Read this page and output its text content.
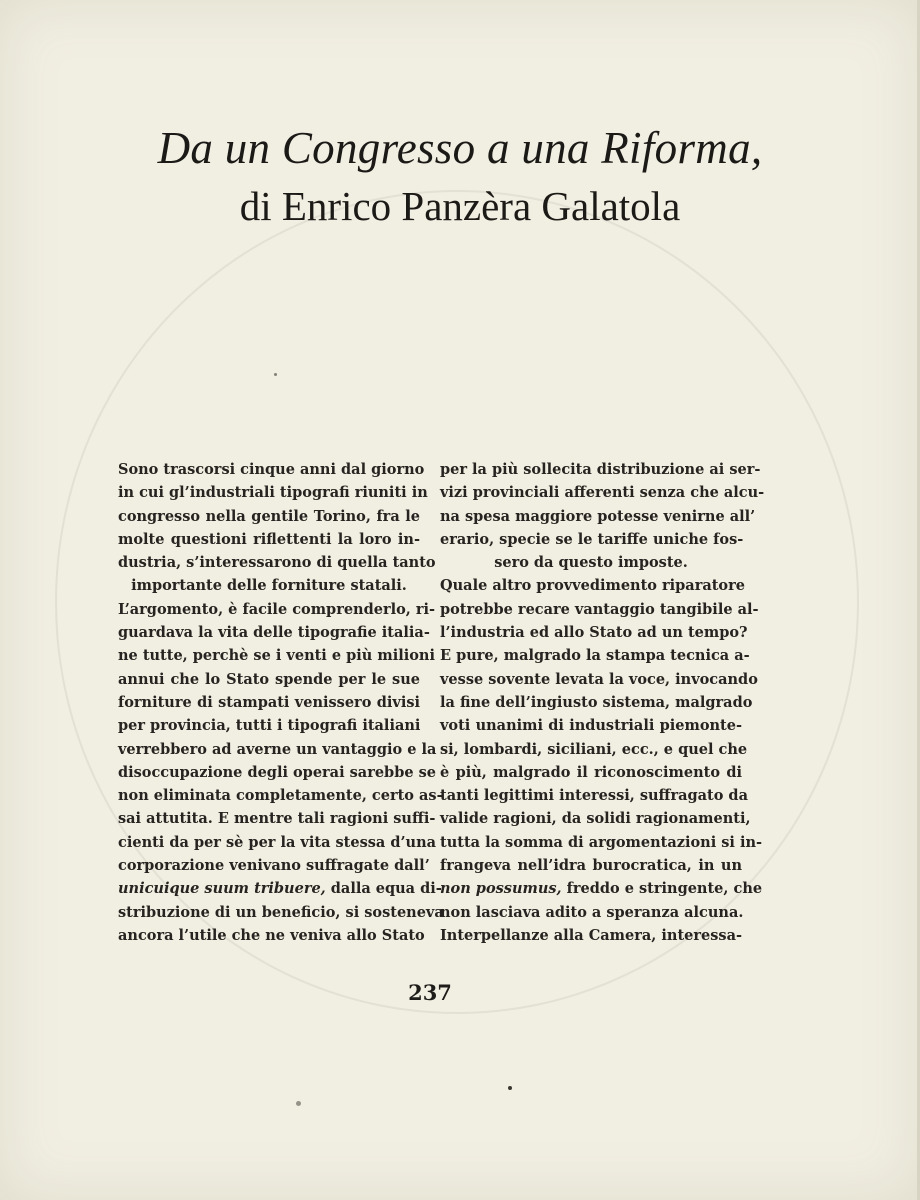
Da un Congresso a una Riforma,

di Enrico Panzèra Galatola

Sono trascorsi cinque anni dal giorno
in cui gl’industriali tipografi riuniti in
congresso nella gentile Torino, fra le
molte questioni riflettenti la loro in-
dustria, s’interessarono di quella tanto
importante delle forniture statali.
L’argomento, è facile comprenderlo, ri-
guardava la vita delle tipografie italia-
ne tutte, perchè se i venti e più milioni
annui che lo Stato spende per le sue
forniture di stampati venissero divisi
per provincia, tutti i tipografi italiani
verrebbero ad averne un vantaggio e la
disoccupazione degli operai sarebbe se
non eliminata completamente, certo as-
sai attutita. E mentre tali ragioni suffi-
cienti da per sè per la vita stessa d’una
corporazione venivano suffragate dall’
unicuique suum tribuere, dalla equa di-
stribuzione di un beneficio, si sosteneva
ancora l’utile che ne veniva allo Stato
per la più sollecita distribuzione ai ser-
vizi provinciali afferenti senza che alcu-
na spesa maggiore potesse venirne all’
erario, specie se le tariffe uniche fos-
sero da questo imposte.
Quale altro provvedimento riparatore
potrebbe recare vantaggio tangibile al-
l’industria ed allo Stato ad un tempo?
E pure, malgrado la stampa tecnica a-
vesse sovente levata la voce, invocando
la fine dell’ingiusto sistema, malgrado
voti unanimi di industriali piemonte-
si, lombardi, siciliani, ecc., e quel che
è più, malgrado il riconoscimento di
tanti legittimi interessi, suffragato da
valide ragioni, da solidi ragionamenti,
tutta la somma di argomentazioni si in-
frangeva nell’idra burocratica, in un
non possumus, freddo e stringente, che
non lasciava adito a speranza alcuna.
Interpellanze alla Camera, interessa-
237
